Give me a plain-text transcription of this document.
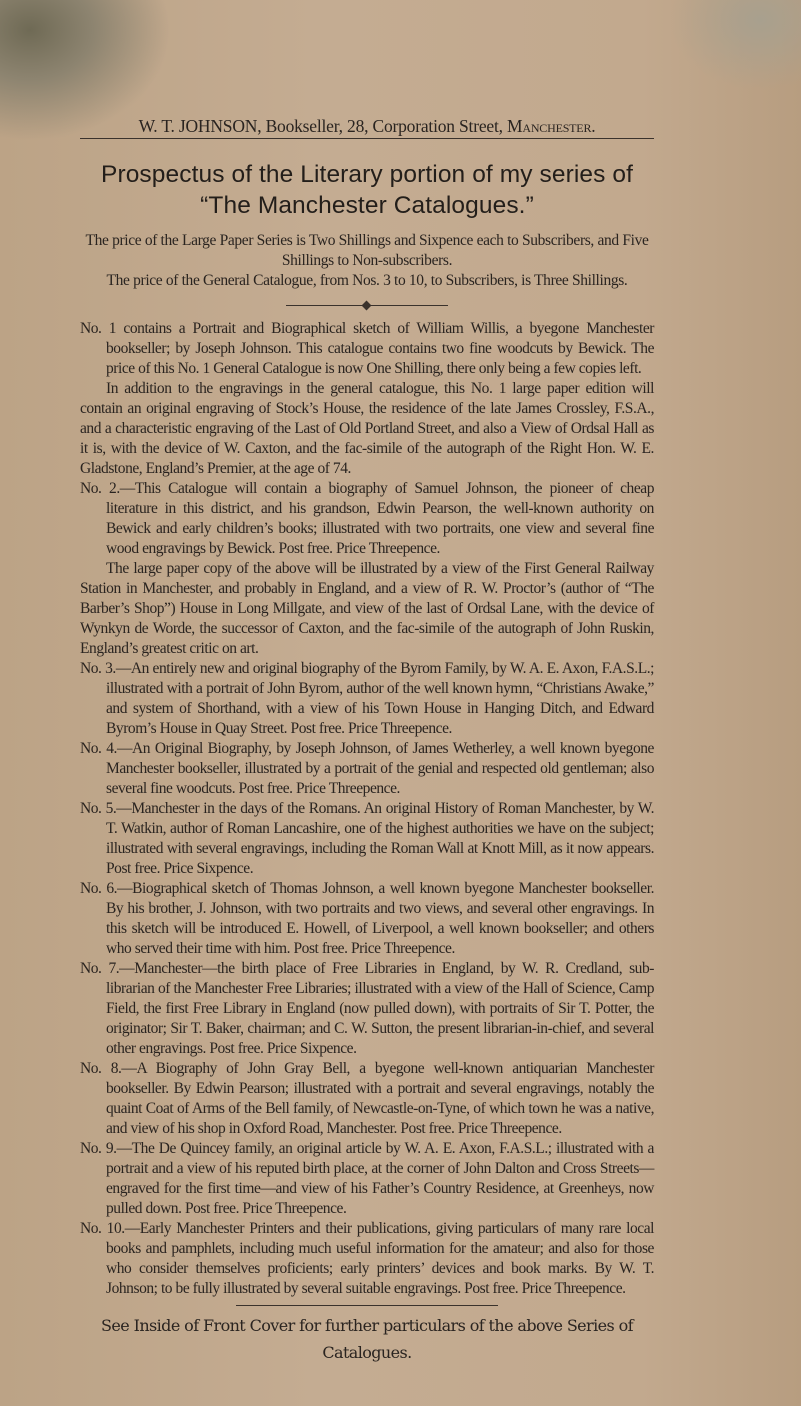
W. T. JOHNSON, Bookseller, 28, Corporation Street, Manchester.
Prospectus of the Literary portion of my series of
“The Manchester Catalogues.”
The price of the Large Paper Series is Two Shillings and Sixpence each to Subscribers, and Five Shillings to Non-subscribers.
The price of the General Catalogue, from Nos. 3 to 10, to Subscribers, is Three Shillings.

No. 1 contains a Portrait and Biographical sketch of William Willis, a byegone Manchester bookseller; by Joseph Johnson. This catalogue contains two fine woodcuts by Bewick. The price of this No. 1 General Catalogue is now One Shilling, there only being a few copies left.

In addition to the engravings in the general catalogue, this No. 1 large paper edition will contain an original engraving of Stock’s House, the residence of the late James Crossley, F.S.A., and a characteristic engraving of the Last of Old Portland Street, and also a View of Ordsal Hall as it is, with the device of W. Caxton, and the fac-simile of the autograph of the Right Hon. W. E. Gladstone, England’s Premier, at the age of 74.

No. 2.—This Catalogue will contain a biography of Samuel Johnson, the pioneer of cheap literature in this district, and his grandson, Edwin Pearson, the well-known authority on Bewick and early children’s books; illustrated with two portraits, one view and several fine wood engravings by Bewick. Post free. Price Threepence.

The large paper copy of the above will be illustrated by a view of the First General Railway Station in Manchester, and probably in England, and a view of R. W. Proctor’s (author of “The Barber’s Shop”) House in Long Millgate, and view of the last of Ordsal Lane, with the device of Wynkyn de Worde, the successor of Caxton, and the fac-simile of the autograph of John Ruskin, England’s greatest critic on art.

No. 3.—An entirely new and original biography of the Byrom Family, by W. A. E. Axon, F.A.S.L.; illustrated with a portrait of John Byrom, author of the well known hymn, “Christians Awake,” and system of Shorthand, with a view of his Town House in Hanging Ditch, and Edward Byrom’s House in Quay Street. Post free. Price Threepence.

No. 4.—An Original Biography, by Joseph Johnson, of James Wetherley, a well known byegone Manchester bookseller, illustrated by a portrait of the genial and respected old gentleman; also several fine woodcuts. Post free. Price Threepence.

No. 5.—Manchester in the days of the Romans. An original History of Roman Manchester, by W. T. Watkin, author of Roman Lancashire, one of the highest authorities we have on the subject; illustrated with several engravings, including the Roman Wall at Knott Mill, as it now appears. Post free. Price Sixpence.

No. 6.—Biographical sketch of Thomas Johnson, a well known byegone Manchester bookseller. By his brother, J. Johnson, with two portraits and two views, and several other engravings. In this sketch will be introduced E. Howell, of Liverpool, a well known bookseller; and others who served their time with him. Post free. Price Threepence.

No. 7.—Manchester—the birth place of Free Libraries in England, by W. R. Credland, sub-librarian of the Manchester Free Libraries; illustrated with a view of the Hall of Science, Camp Field, the first Free Library in England (now pulled down), with portraits of Sir T. Potter, the originator; Sir T. Baker, chairman; and C. W. Sutton, the present librarian-in-chief, and several other engravings. Post free. Price Sixpence.

No. 8.—A Biography of John Gray Bell, a byegone well-known antiquarian Manchester bookseller. By Edwin Pearson; illustrated with a portrait and several engravings, notably the quaint Coat of Arms of the Bell family, of Newcastle-on-Tyne, of which town he was a native, and view of his shop in Oxford Road, Manchester. Post free. Price Threepence.

No. 9.—The De Quincey family, an original article by W. A. E. Axon, F.A.S.L.; illustrated with a portrait and a view of his reputed birth place, at the corner of John Dalton and Cross Streets—engraved for the first time—and view of his Father’s Country Residence, at Greenheys, now pulled down. Post free. Price Threepence.

No. 10.—Early Manchester Printers and their publications, giving particulars of many rare local books and pamphlets, including much useful information for the amateur; and also for those who consider themselves proficients; early printers’ devices and book marks. By W. T. Johnson; to be fully illustrated by several suitable engravings. Post free. Price Threepence.

See Inside of Front Cover for further particulars of the above Series of
Catalogues.
